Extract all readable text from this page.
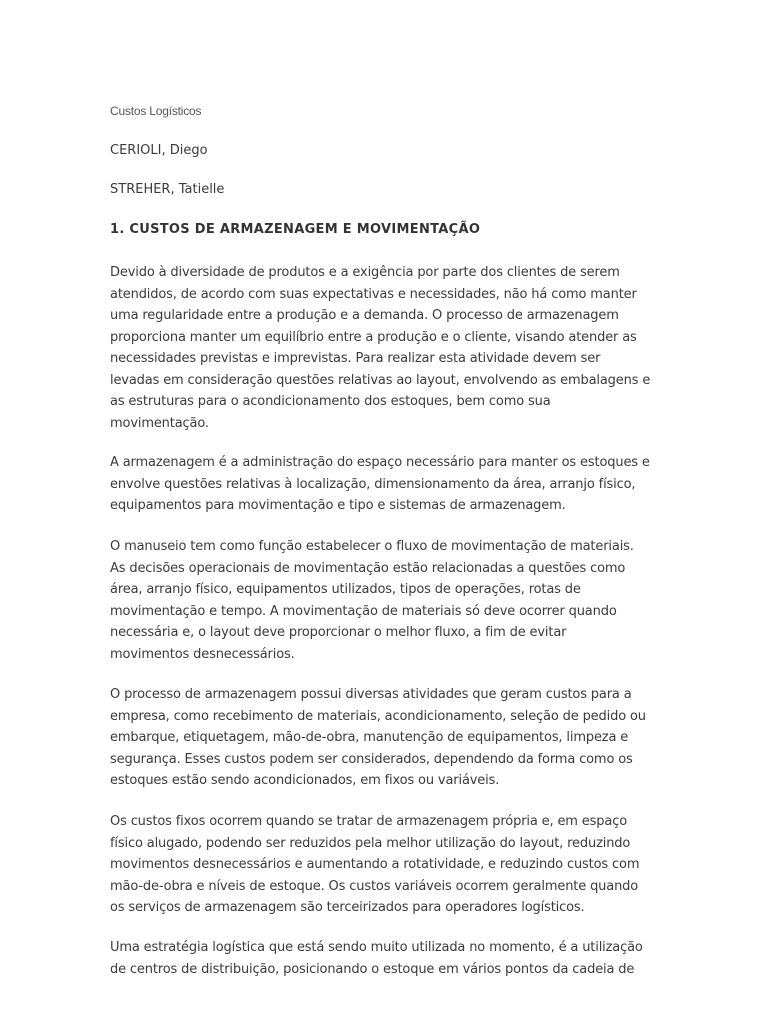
Custos Logísticos
CERIOLI, Diego
STREHER, Tatielle
1. CUSTOS DE ARMAZENAGEM E MOVIMENTAÇÃO

Devido à diversidade de produtos e a exigência por parte dos clientes de serem
atendidos, de acordo com suas expectativas e necessidades, não há como manter
uma regularidade entre a produção e a demanda. O processo de armazenagem
proporciona manter um equilíbrio entre a produção e o cliente, visando atender as
necessidades previstas e imprevistas. Para realizar esta atividade devem ser
levadas em consideração questões relativas ao layout, envolvendo as embalagens e
as estruturas para o acondicionamento dos estoques, bem como sua
movimentação.

A armazenagem é a administração do espaço necessário para manter os estoques e
envolve questões relativas à localização, dimensionamento da área, arranjo físico,
equipamentos para movimentação e tipo e sistemas de armazenagem.

O manuseio tem como função estabelecer o fluxo de movimentação de materiais.
As decisões operacionais de movimentação estão relacionadas a questões como
área, arranjo físico, equipamentos utilizados, tipos de operações, rotas de
movimentação e tempo. A movimentação de materiais só deve ocorrer quando
necessária e, o layout deve proporcionar o melhor fluxo, a fim de evitar
movimentos desnecessários.

O processo de armazenagem possui diversas atividades que geram custos para a
empresa, como recebimento de materiais, acondicionamento, seleção de pedido ou
embarque, etiquetagem, mão-de-obra, manutenção de equipamentos, limpeza e
segurança. Esses custos podem ser considerados, dependendo da forma como os
estoques estão sendo acondicionados, em fixos ou variáveis.

Os custos fixos ocorrem quando se tratar de armazenagem própria e, em espaço
físico alugado, podendo ser reduzidos pela melhor utilização do layout, reduzindo
movimentos desnecessários e aumentando a rotatividade, e reduzindo custos com
mão-de-obra e níveis de estoque. Os custos variáveis ocorrem geralmente quando
os serviços de armazenagem são terceirizados para operadores logísticos.

Uma estratégia logística que está sendo muito utilizada no momento, é a utilização
de centros de distribuição, posicionando o estoque em vários pontos da cadeia de
